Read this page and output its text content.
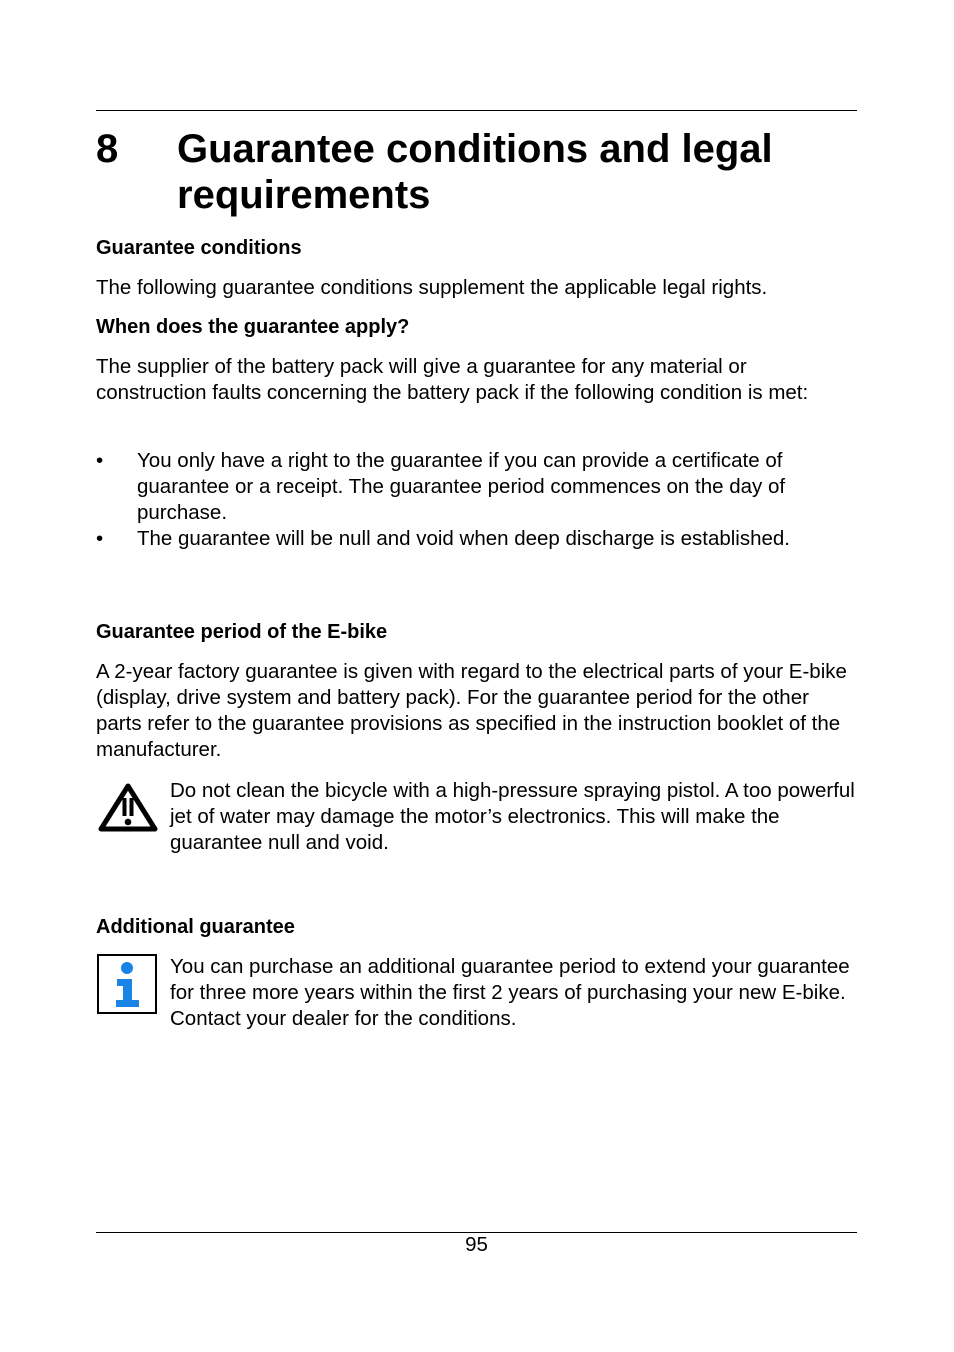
8 Guarantee conditions and legal requirements
Guarantee conditions
The following guarantee conditions supplement the applicable legal rights.
When does the guarantee apply?
The supplier of the battery pack will give a guarantee for any material or construction faults concerning the battery pack if the following condition is met:
• You only have a right to the guarantee if you can provide a certificate of guarantee or a receipt. The guarantee period commences on the day of purchase.
• The guarantee will be null and void when deep discharge is established.
Guarantee period of the E-bike
A 2-year factory guarantee is given with regard to the electrical parts of your E-bike (display, drive system and battery pack). For the guarantee period for the other parts refer to the guarantee provisions as specified in the instruction booklet of the manufacturer.
Do not clean the bicycle with a high-pressure spraying pistol. A too powerful jet of water may damage the motor’s electronics. This will make the guarantee null and void.
Additional guarantee
You can purchase an additional guarantee period to extend your guarantee for three more years within the first 2 years of purchasing your new E-bike. Contact your dealer for the conditions.
95
